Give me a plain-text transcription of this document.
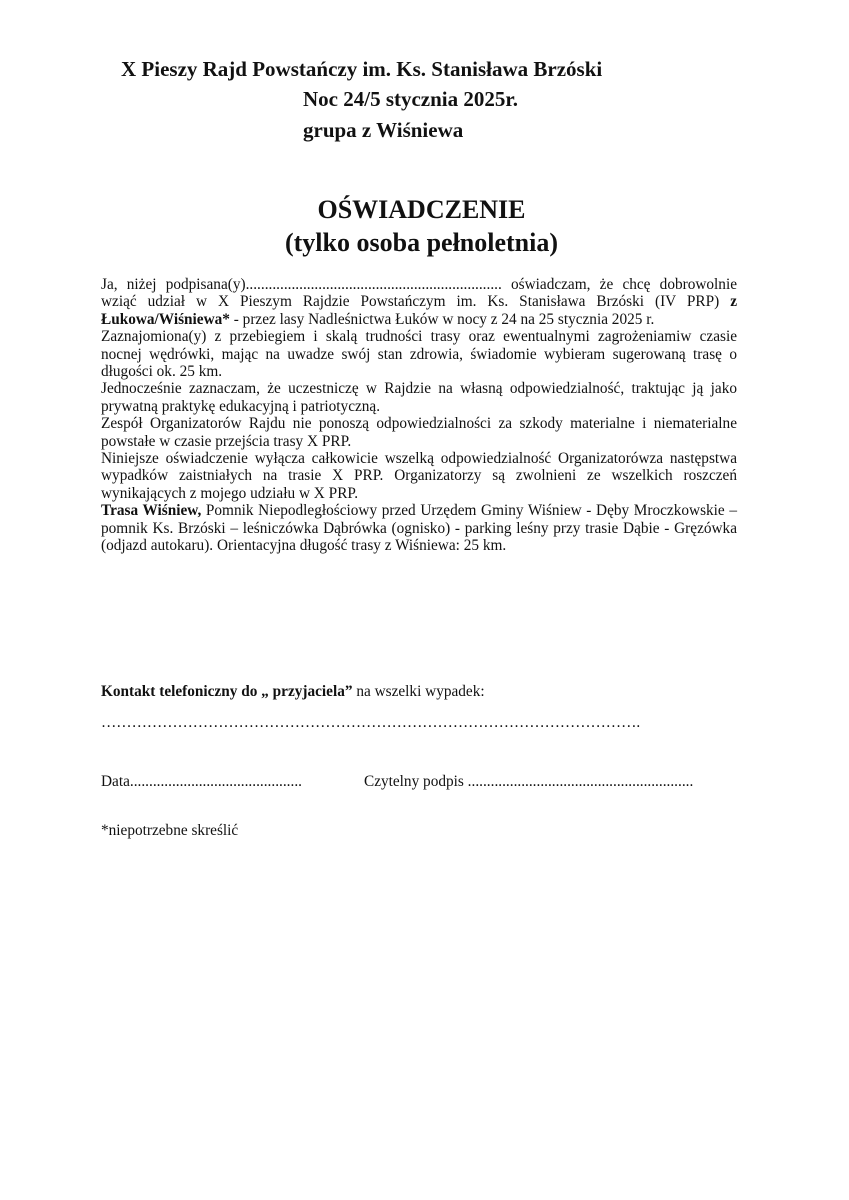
X Pieszy Rajd Powstańczy im. Ks. Stanisława Brzóski
Noc 24/5 stycznia 2025r.
grupa z Wiśniewa
OŚWIADCZENIE
(tylko osoba pełnoletnia)

Ja, niżej podpisana(y)................................................................... oświadczam, że chcę dobrowolnie wziąć udział w X Pieszym Rajdzie Powstańczym im. Ks. Stanisława Brzóski (IV PRP) z Łukowa/Wiśniewa* - przez lasy Nadleśnictwa Łuków w nocy z 24 na 25 stycznia 2025 r.

Zaznajomiona(y) z przebiegiem i skalą trudności trasy oraz ewentualnymi zagrożeniamiw czasie nocnej wędrówki, mając na uwadze swój stan zdrowia, świadomie wybieram sugerowaną trasę o długości ok. 25 km.

Jednocześnie zaznaczam, że uczestniczę w Rajdzie na własną odpowiedzialność, traktując ją jako prywatną praktykę edukacyjną i patriotyczną.

Zespół Organizatorów Rajdu nie ponoszą odpowiedzialności za szkody materialne i niematerialne powstałe w czasie przejścia trasy X PRP.

Niniejsze oświadczenie wyłącza całkowicie wszelką odpowiedzialność Organizatorówza następstwa wypadków zaistniałych na trasie X PRP. Organizatorzy są zwolnieni ze wszelkich roszczeń wynikających z mojego udziału w X PRP.

Trasa Wiśniew, Pomnik Niepodległościowy przed Urzędem Gminy Wiśniew - Dęby Mroczkowskie – pomnik Ks. Brzóski – leśniczówka Dąbrówka (ognisko) - parking leśny przy trasie Dąbie - Gręzówka (odjazd autokaru). Orientacyjna długość trasy z Wiśniewa: 25 km.

Kontakt telefoniczny do „ przyjaciela” na wszelki wypadek:
…………………………………………………………………………………………….
Data.............................................	Czytelny podpis ...........................................................
*niepotrzebne skreślić
